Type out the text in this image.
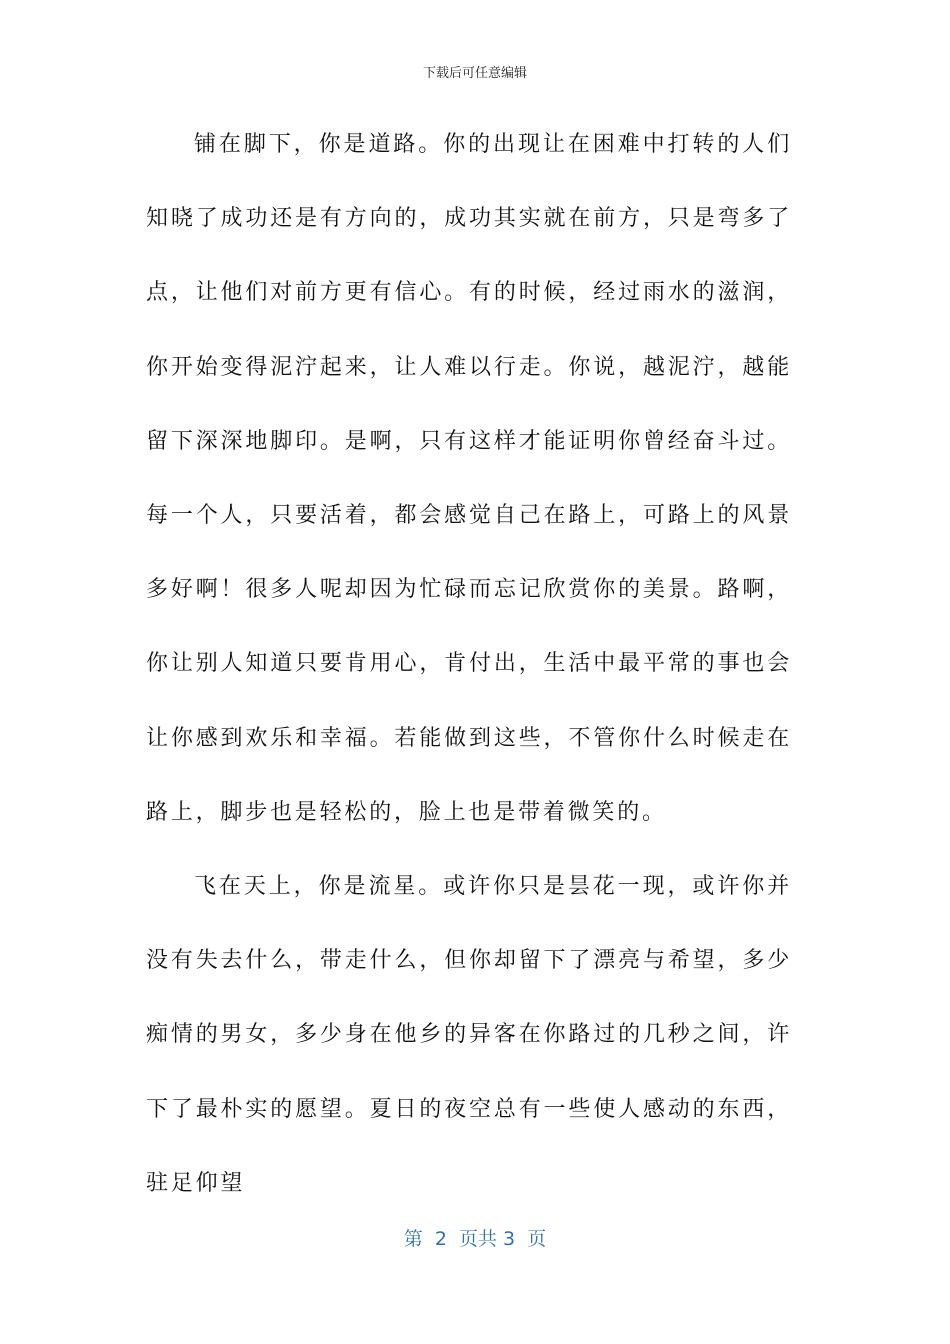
下载后可任意编辑

铺在脚下，你是道路。你的出现让在困难中打转的人们知晓了成功还是有方向的，成功其实就在前方，只是弯多了点，让他们对前方更有信心。有的时候，经过雨水的滋润，你开始变得泥泞起来，让人难以行走。你说，越泥泞，越能留下深深地脚印。是啊，只有这样才能证明你曾经奋斗过。每一个人，只要活着，都会感觉自己在路上，可路上的风景多好啊！很多人呢却因为忙碌而忘记欣赏你的美景。路啊，你让别人知道只要肯用心，肯付出，生活中最平常的事也会让你感到欢乐和幸福。若能做到这些，不管你什么时候走在路上，脚步也是轻松的，脸上也是带着微笑的。

飞在天上，你是流星。或许你只是昙花一现，或许你并没有失去什么，带走什么，但你却留下了漂亮与希望，多少痴情的男女，多少身在他乡的异客在你路过的几秒之间，许下了最朴实的愿望。夏日的夜空总有一些使人感动的东西，驻足仰望

第  2  页共 3  页
